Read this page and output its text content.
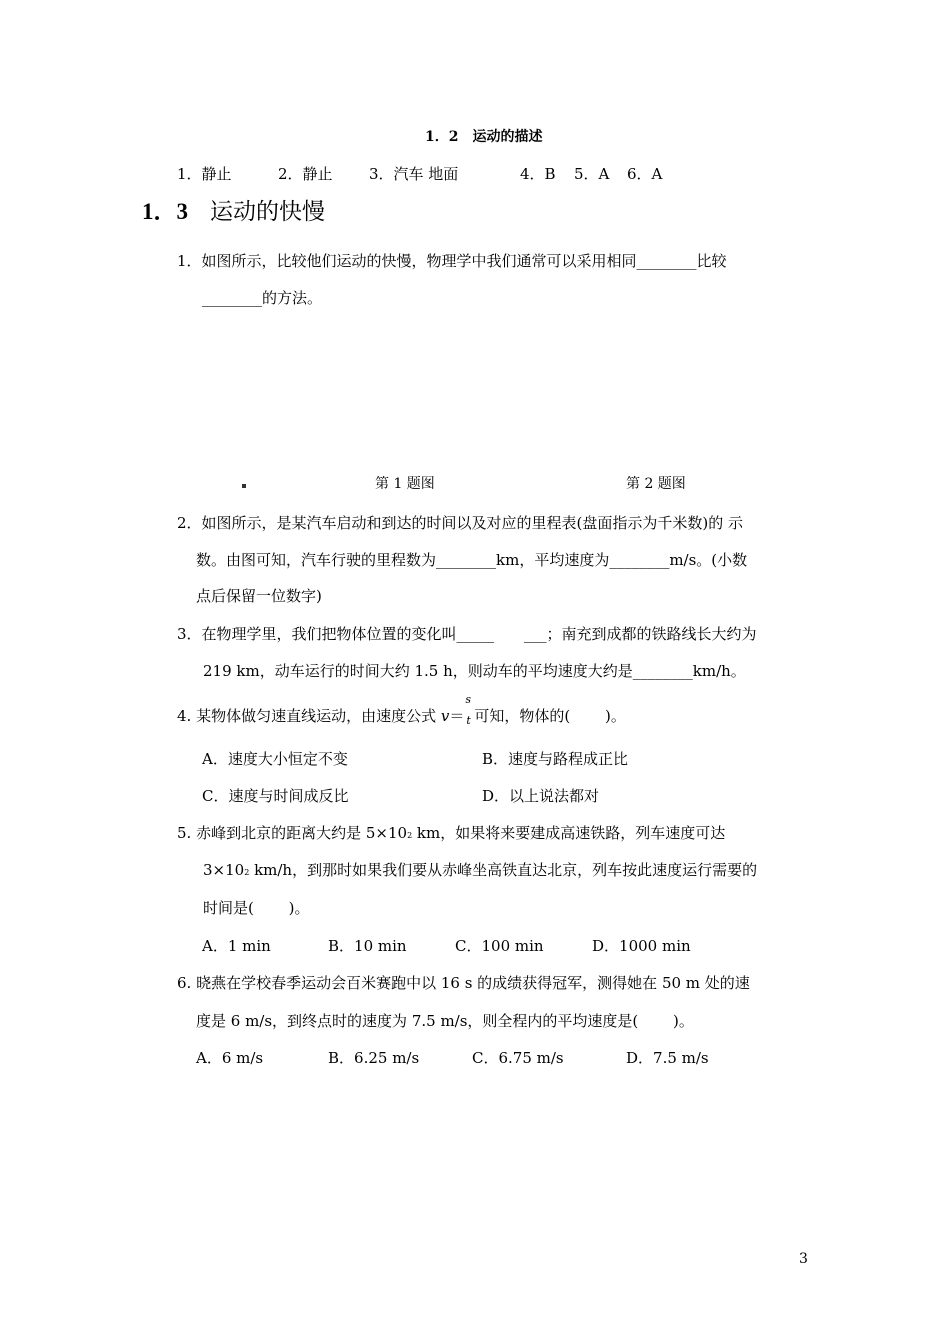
1．2　运动的描述
1．静止	2．静止 3．汽车 地面	4．B 5．A 6．A
1．3 运动的快慢
1．如图所示，比较他们运动的快慢，物理学中我们通常可以采用相同________比较
________的方法。
第 1 题图	第 2 题图
2．如图所示，是某汽车启动和到达的时间以及对应的里程表(盘面指示为千米数)的 示
数。由图可知，汽车行驶的里程数为________km，平均速度为________m/s。(小数
点后保留一位数字)
3．在物理学里，我们把物体位置的变化叫_____　　___；南充到成都的铁路线长大约为
219 km，动车运行的时间大约 1.5 h，则动车的平均速度大约是________km/h。
4. 某物体做匀速直线运动，由速度公式 v＝
s
t 可知，物体的(　　 )。
A．速度大小恒定不变	B．速度与路程成正比
C．速度与时间成反比	D．以上说法都对
5. 赤峰到北京的距离大约是 5×102 km，如果将来要建成高速铁路，列车速度可达
3×102 km/h，到那时如果我们要从赤峰坐高铁直达北京，列车按此速度运行需要的
时间是(　　 )。
A．1 min	B．10 min	C．100 min	D．1000 min
6. 晓燕在学校春季运动会百米赛跑中以 16 s 的成绩获得冠军，测得她在 50 m 处的速
度是 6 m/s，到终点时的速度为 7.5 m/s，则全程内的平均速度是(　　 )。
A．6 m/s	B．6.25 m/s	C．6.75 m/s	D．7.5 m/s
3
